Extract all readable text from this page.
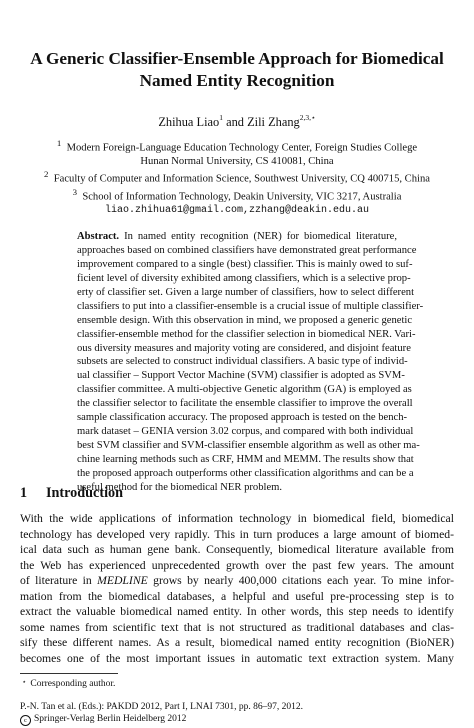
A Generic Classifier-Ensemble Approach for Biomedical
Named Entity Recognition
Zhihua Liao$^1$ and Zili Zhang$^{2,3,⋆}$
$^1$ Modern Foreign-Language Education Technology Center, Foreign Studies College
Hunan Normal University, CS 410081, China
$^2$ Faculty of Computer and Information Science, Southwest University, CQ 400715, China
$^3$ School of Information Technology, Deakin University, VIC 3217, Australia
liao.zhihua61@gmail.com,zzhang@deakin.edu.au
Abstract. In named entity recognition (NER) for biomedical literature,
approaches based on combined classifiers have demonstrated great performance
improvement compared to a single (best) classifier. This is mainly owed to suf-
ficient level of diversity exhibited among classifiers, which is a selective prop-
erty of classifier set. Given a large number of classifiers, how to select different
classifiers to put into a classifier-ensemble is a crucial issue of multiple classifier-
ensemble design. With this observation in mind, we proposed a generic genetic
classifier-ensemble method for the classifier selection in biomedical NER. Vari-
ous diversity measures and majority voting are considered, and disjoint feature
subsets are selected to construct individual classifiers. A basic type of individ-
ual classifier – Support Vector Machine (SVM) classifier is adopted as SVM-
classifier committee. A multi-objective Genetic algorithm (GA) is employed as
the classifier selector to facilitate the ensemble classifier to improve the overall
sample classification accuracy. The proposed approach is tested on the bench-
mark dataset – GENIA version 3.02 corpus, and compared with both individual
best SVM classifier and SVM-classifier ensemble algorithm as well as other ma-
chine learning methods such as CRF, HMM and MEMM. The results show that
the proposed approach outperforms other classification algorithms and can be a
useful method for the biomedical NER problem.
1 Introduction
With the wide applications of information technology in biomedical field, biomedical
technology has developed very rapidly. This in turn produces a large amount of biomed-
ical data such as human gene bank. Consequently, biomedical literature available from
the Web has experienced unprecedented growth over the past few years. The amount
of literature in MEDLINE grows by nearly 400,000 citations each year. To mine infor-
mation from the biomedical databases, a helpful and useful pre-processing step is to
extract the valuable biomedical named entity. In other words, this step needs to identify
some names from scientific text that is not structured as traditional databases and clas-
sify these different names. As a result, biomedical named entity recognition (BioNER)
becomes one of the most important issues in automatic text extraction system. Many
⋆ Corresponding author.
P.-N. Tan et al. (Eds.): PAKDD 2012, Part I, LNAI 7301, pp. 86–97, 2012.
c Springer-Verlag Berlin Heidelberg 2012
